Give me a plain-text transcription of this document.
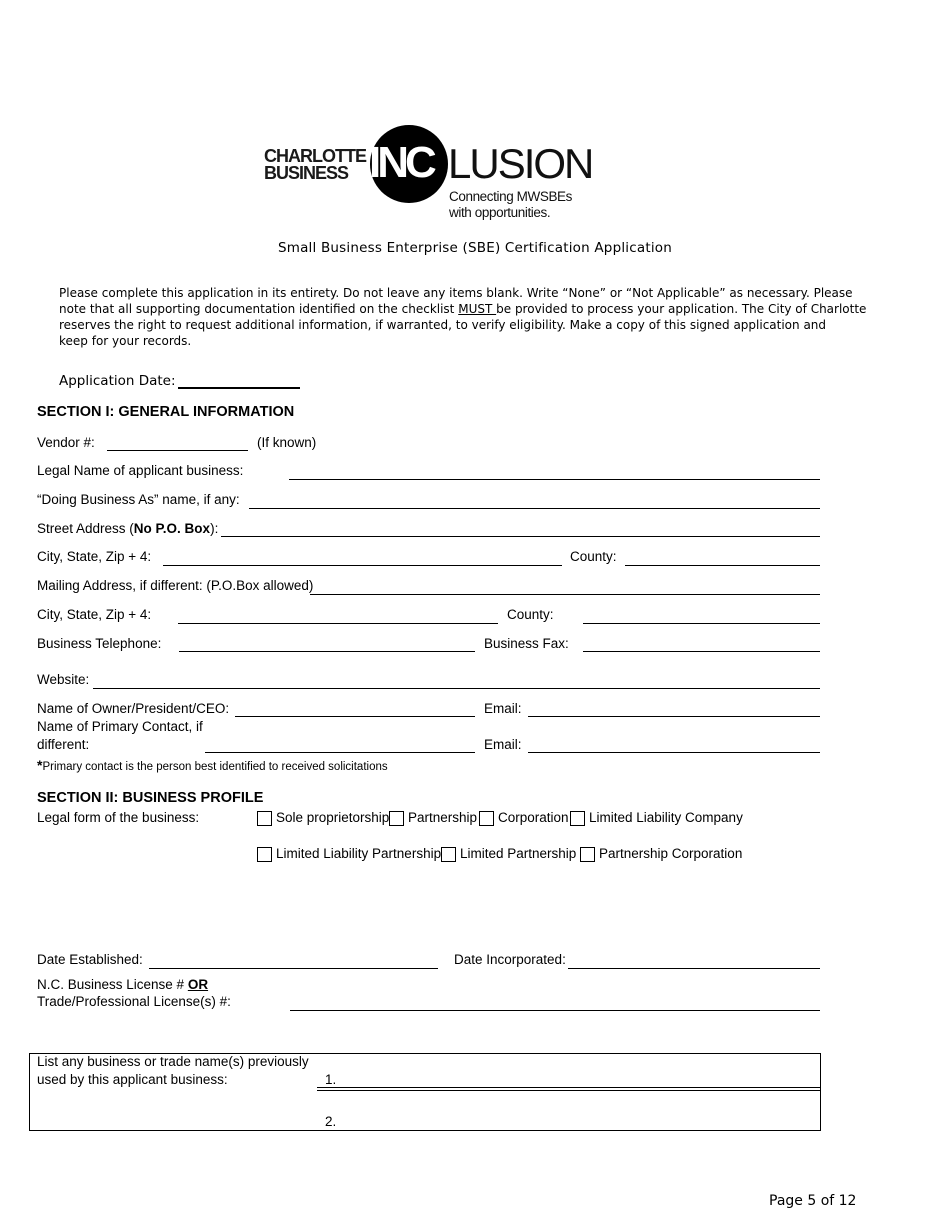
CHARLOTTE
BUSINESS INC LUSION
Connecting MWSBEs
with opportunities.
Small Business Enterprise (SBE) Certification Application
Please complete this application in its entirety. Do not leave any items blank. Write “None” or “Not Applicable” as necessary. Please
note that all supporting documentation identified on the checklist MUST be provided to process your application. The City of Charlotte
reserves the right to request additional information, if warranted, to verify eligibility. Make a copy of this signed application and
keep for your records.
Application Date:
SECTION I: GENERAL INFORMATION
Vendor #:	(If known)
Legal Name of applicant business:
“Doing Business As” name, if any:
Street Address (No P.O. Box):
City, State, Zip + 4:	County:
Mailing Address, if different: (P.O.Box allowed)
City, State, Zip + 4:	County:
Business Telephone:	Business Fax:
Website:
Name of Owner/President/CEO:	Email:
Name of Primary Contact, if
different:	Email:
*Primary contact is the person best identified to received solicitations
SECTION II: BUSINESS PROFILE
Legal form of the business:	Sole proprietorship Partnership Corporation Limited Liability Company
Limited Liability Partnership Limited Partnership Partnership Corporation
Date Established:	Date Incorporated:
N.C. Business License # OR
Trade/Professional License(s) #:
List any business or trade name(s) previously
used by this applicant business:	1.
2.
Page 5 of 12
